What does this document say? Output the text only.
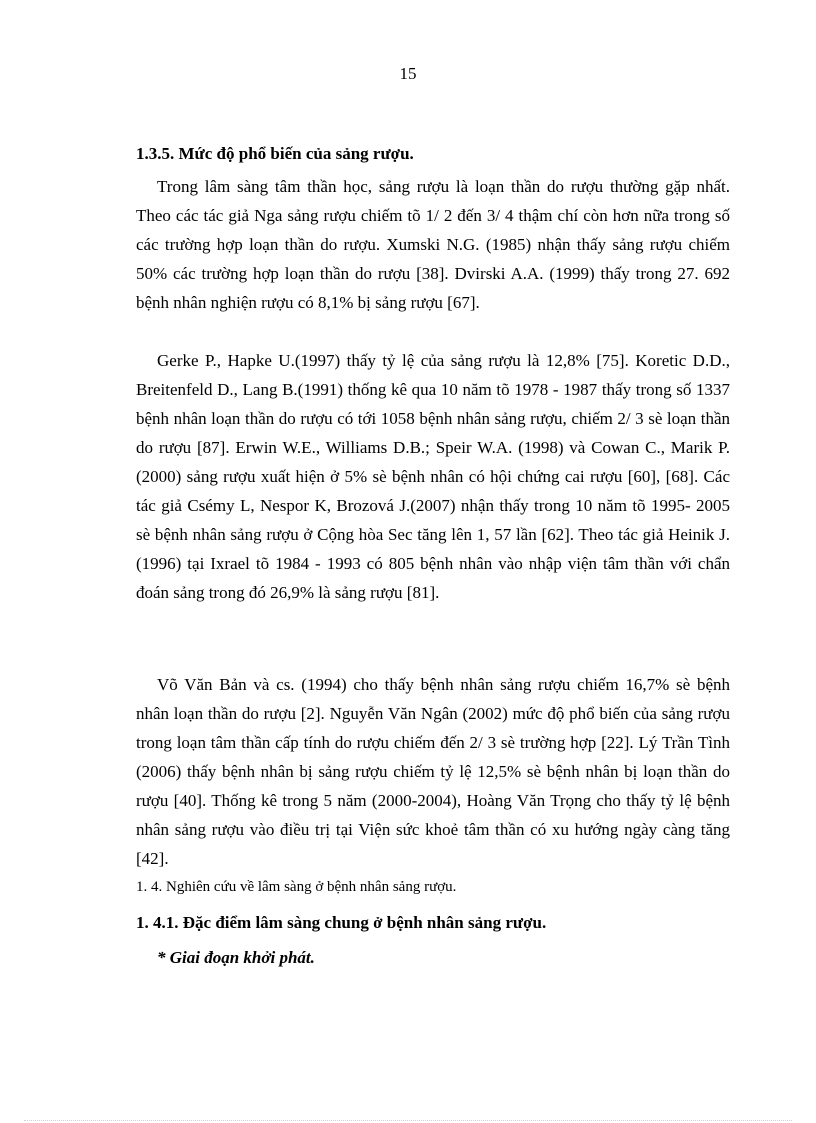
15
1.3.5. Mức độ phổ biến của sảng rượu.

Trong lâm sàng tâm thần học, sảng rượu là loạn thần do rượu thường gặp nhất. Theo các tác giả Nga sảng rượu chiếm tõ 1/ 2 đến 3/ 4 thậm chí còn hơn nữa trong số các trường hợp loạn thần do rượu. Xumski N.G. (1985) nhận thấy sảng rượu chiếm 50% các trường hợp loạn thần do rượu [38]. Dvirski A.A. (1999) thấy trong 27. 692 bệnh nhân nghiện rượu có 8,1% bị sảng rượu [67].

Gerke P., Hapke U.(1997) thấy tỷ lệ của sảng rượu là 12,8% [75]. Koretic D.D., Breitenfeld D., Lang B.(1991) thống kê qua 10 năm tõ 1978 - 1987 thấy trong số 1337 bệnh nhân loạn thần do rượu có tới 1058 bệnh nhân sảng rượu, chiếm 2/ 3 sè loạn thần do rượu [87]. Erwin W.E., Williams D.B.; Speir W.A. (1998) và Cowan C., Marik P.(2000) sảng rượu xuất hiện ở 5% sè bệnh nhân có hội chứng cai rượu [60], [68]. Các tác giả Csémy L, Nespor K, Brozová J.(2007) nhận thấy trong 10 năm tõ 1995- 2005 sè bệnh nhân sảng rượu ở Cộng hòa Sec tăng lên 1, 57 lần [62]. Theo tác giả Heinik J. (1996) tại Ixrael tõ 1984 - 1993 có 805 bệnh nhân vào nhập viện tâm thần với chẩn đoán sảng trong đó 26,9% là sảng rượu [81].

Võ Văn Bản và cs. (1994) cho thấy bệnh nhân sảng rượu chiếm 16,7% sè bệnh nhân loạn thần do rượu [2]. Nguyễn Văn Ngân (2002) mức độ phổ biến của sảng rượu trong loạn tâm thần cấp tính do rượu chiếm đến 2/ 3 sè trường hợp [22]. Lý Trần Tình (2006) thấy bệnh nhân bị sảng rượu chiếm tỷ lệ 12,5% sè bệnh nhân bị loạn thần do rượu [40]. Thống kê trong 5 năm (2000-2004), Hoàng Văn Trọng cho thấy tỷ lệ bệnh nhân sảng rượu vào điều trị tại Viện sức khoẻ tâm thần có xu hướng ngày càng tăng [42].

1. 4. Nghiên cứu về lâm sàng ở bệnh nhân sảng rượu.
1. 4.1. Đặc điểm lâm sàng chung ở bệnh nhân sảng rượu.
* Giai đoạn khởi phát.
